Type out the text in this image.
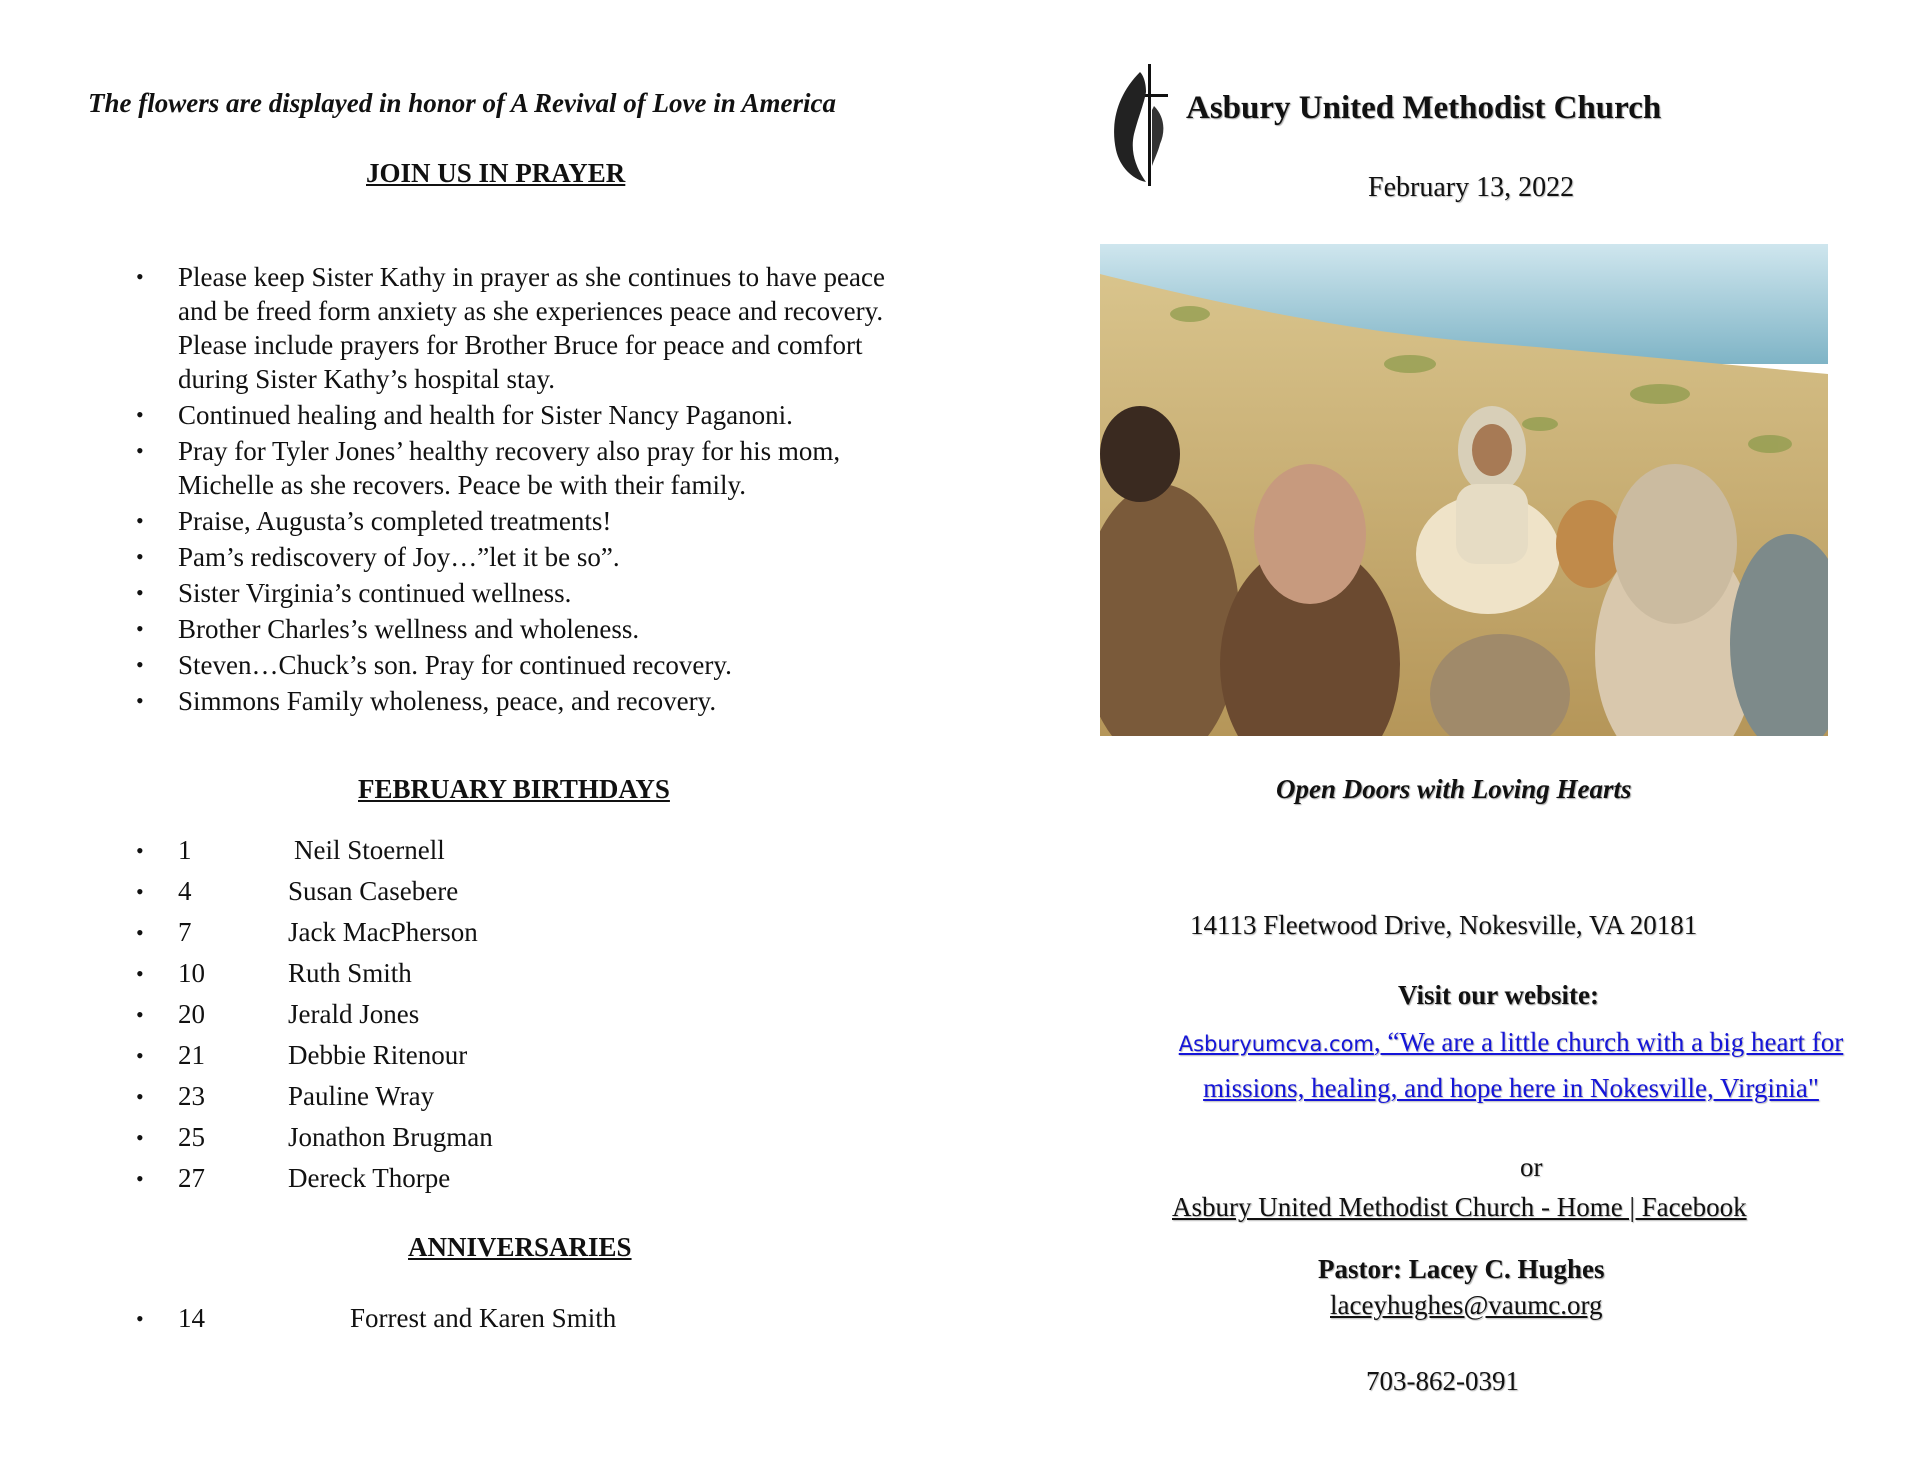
The flowers are displayed in honor of A Revival of Love in America
JOIN US IN PRAYER
• Please keep Sister Kathy in prayer as she continues to have peace and be freed form anxiety as she experiences peace and recovery. Please include prayers for Brother Bruce for peace and comfort during Sister Kathy’s hospital stay.
• Continued healing and health for Sister Nancy Paganoni.
• Pray for Tyler Jones’ healthy recovery also pray for his mom, Michelle as she recovers. Peace be with their family.
• Praise, Augusta’s completed treatments!
• Pam’s rediscovery of Joy…”let it be so”.
• Sister Virginia’s continued wellness.
• Brother Charles’s wellness and wholeness.
• Steven…Chuck’s son. Pray for continued recovery.
• Simmons Family wholeness, peace, and recovery.
FEBRUARY BIRTHDAYS
• 1	Neil Stoernell
• 4	Susan Casebere
• 7	Jack MacPherson
• 10	Ruth Smith
• 20	Jerald Jones
• 21	Debbie Ritenour
• 23	Pauline Wray
• 25	Jonathon Brugman
• 27	Dereck Thorpe
ANNIVERSARIES
• 14	Forrest and Karen Smith
Asbury United Methodist Church
February 13, 2022
Open Doors with Loving Hearts
14113 Fleetwood Drive, Nokesville, VA 20181
Visit our website:
Asburyumcva.com, “We are a little church with a big heart for missions, healing, and hope here in Nokesville, Virginia"
or
Asbury United Methodist Church - Home | Facebook
Pastor: Lacey C. Hughes
laceyhughes@vaumc.org
703-862-0391
